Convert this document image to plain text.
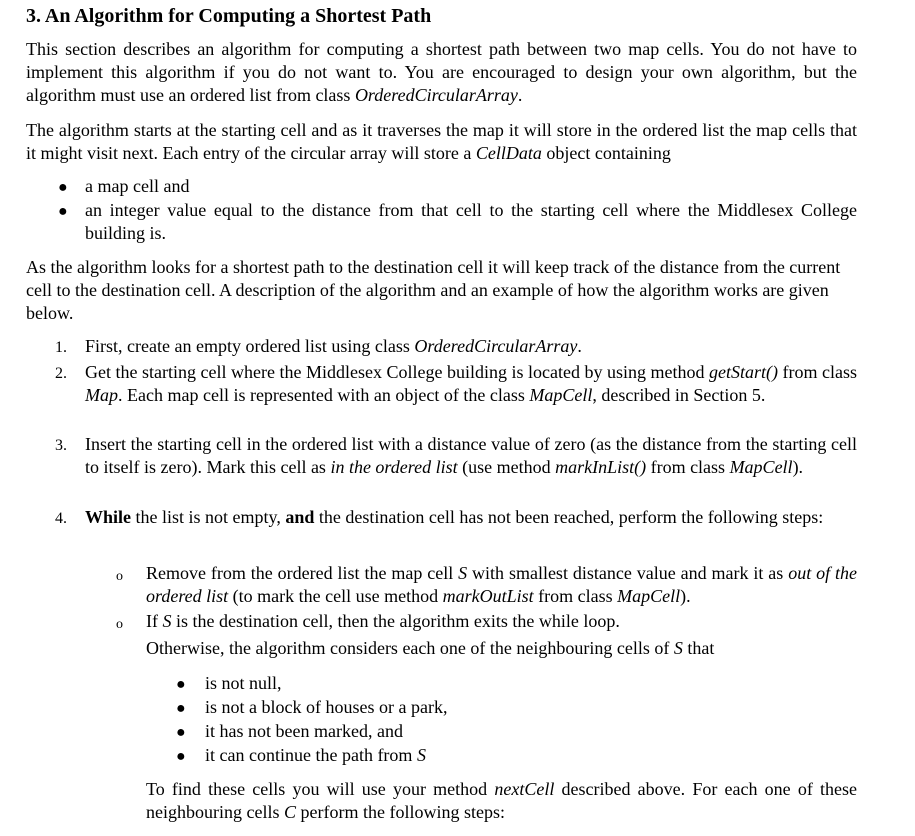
3. An Algorithm for Computing a Shortest Path

This section describes an algorithm for computing a shortest path between two map cells. You do not have to implement this algorithm if you do not want to. You are encouraged to design your own algorithm, but the algorithm must use an ordered list from class OrderedCircularArray.

The algorithm starts at the starting cell and as it traverses the map it will store in the ordered list the map cells that it might visit next. Each entry of the circular array will store a CellData object containing

● a map cell and

● an integer value equal to the distance from that cell to the starting cell where the Middlesex College building is.

As the algorithm looks for a shortest path to the destination cell it will keep track of the distance from the current cell to the destination cell. A description of the algorithm and an example of how the algorithm works are given below.

1. First, create an empty ordered list using class OrderedCircularArray.

2. Get the starting cell where the Middlesex College building is located by using method getStart() from class Map. Each map cell is represented with an object of the class MapCell, described in Section 5.

3. Insert the starting cell in the ordered list with a distance value of zero (as the distance from the starting cell to itself is zero). Mark this cell as in the ordered list (use method markInList() from class MapCell).

4. While the list is not empty, and the destination cell has not been reached, perform the following steps:

o Remove from the ordered list the map cell S with smallest distance value and mark it as out of the ordered list (to mark the cell use method markOutList from class MapCell).

o If S is the destination cell, then the algorithm exits the while loop.

Otherwise, the algorithm considers each one of the neighbouring cells of S that

● is not null,

● is not a block of houses or a park,

● it has not been marked, and

● it can continue the path from S

To find these cells you will use your method nextCell described above. For each one of these neighbouring cells C perform the following steps:
